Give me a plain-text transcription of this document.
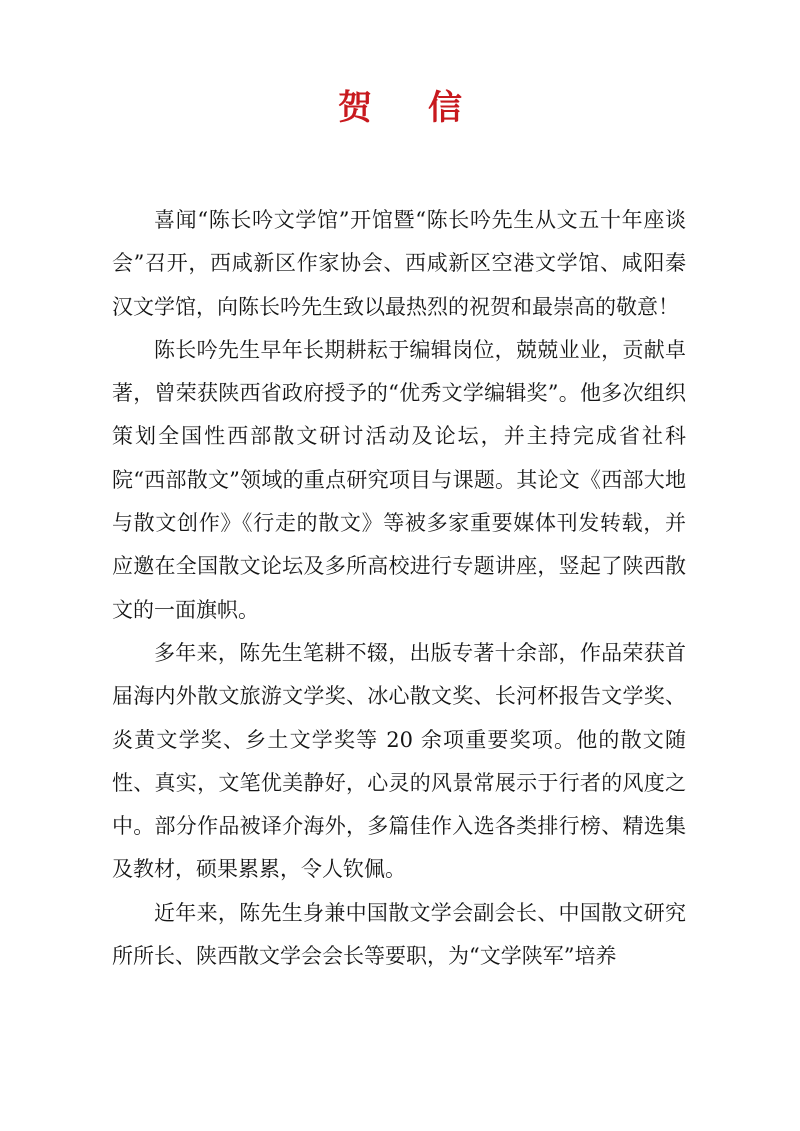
贺 信

喜闻“陈长吟文学馆”开馆暨“陈长吟先生从文五十年座谈会”召开，西咸新区作家协会、西咸新区空港文学馆、咸阳秦汉文学馆，向陈长吟先生致以最热烈的祝贺和最崇高的敬意！

陈长吟先生早年长期耕耘于编辑岗位，兢兢业业，贡献卓著，曾荣获陕西省政府授予的“优秀文学编辑奖”。他多次组织策划全国性西部散文研讨活动及论坛，并主持完成省社科院“西部散文”领域的重点研究项目与课题。其论文《西部大地与散文创作》《行走的散文》等被多家重要媒体刊发转载，并应邀在全国散文论坛及多所高校进行专题讲座，竖起了陕西散文的一面旗帜。

多年来，陈先生笔耕不辍，出版专著十余部，作品荣获首届海内外散文旅游文学奖、冰心散文奖、长河杯报告文学奖、炎黄文学奖、乡土文学奖等 20 余项重要奖项。他的散文随性、真实，文笔优美静好，心灵的风景常展示于行者的风度之中。部分作品被译介海外，多篇佳作入选各类排行榜、精选集及教材，硕果累累，令人钦佩。

近年来，陈先生身兼中国散文学会副会长、中国散文研究所所长、陕西散文学会会长等要职，为“文学陕军”培养
